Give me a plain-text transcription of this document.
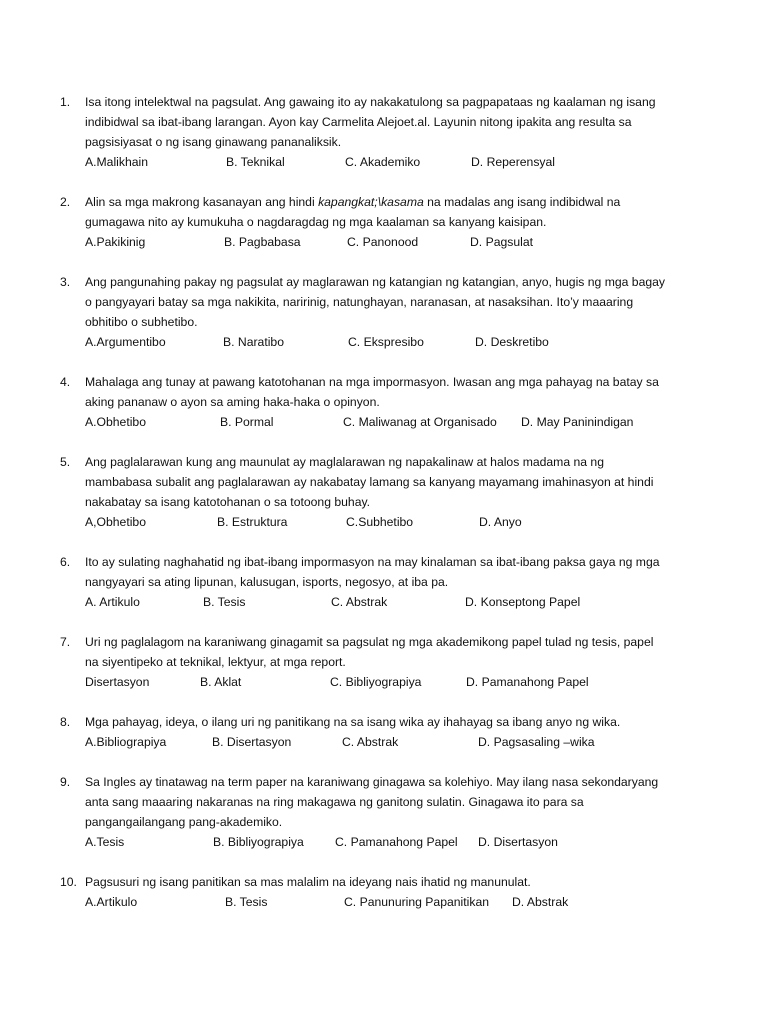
1.	Isa itong intelektwal na pagsulat. Ang gawaing ito ay nakakatulong sa pagpapataas ng kaalaman ng isang
indibidwal sa ibat-ibang larangan. Ayon kay Carmelita Alejoet.al. Layunin nitong ipakita ang resulta sa
pagsisiyasat o ng isang ginawang pananaliksik.
A.Malikhain	B. Teknikal	C. Akademiko	D. Reperensyal
2.	Alin sa mga makrong kasanayan ang hindi kapangkat;\kasama na madalas ang isang indibidwal na
gumagawa nito ay kumukuha o nagdaragdag ng mga kaalaman sa kanyang kaisipan.
A.Pakikinig	B. Pagbabasa	C. Panonood	D. Pagsulat
3.	Ang pangunahing pakay ng pagsulat ay maglarawan ng katangian ng katangian, anyo, hugis ng mga bagay
o pangyayari batay sa mga nakikita, naririnig, natunghayan, naranasan, at nasaksihan. Ito’y maaaring
obhitibo o subhetibo.
A.Argumentibo	B. Naratibo	C. Ekspresibo	D. Deskretibo
4.	Mahalaga ang tunay at pawang katotohanan na mga impormasyon. Iwasan ang mga pahayag na batay sa
aking pananaw o ayon sa aming haka-haka o opinyon.
A.Obhetibo	B. Pormal	C. Maliwanag at Organisado D. May Paninindigan
5.	Ang paglalarawan kung ang maunulat ay maglalarawan ng napakalinaw at halos madama na ng
mambabasa subalit ang paglalarawan ay nakabatay lamang sa kanyang mayamang imahinasyon at hindi
nakabatay sa isang katotohanan o sa totoong buhay.
A,Obhetibo	B. Estruktura	C.Subhetibo	D. Anyo
6.	Ito ay sulating naghahatid ng ibat-ibang impormasyon na may kinalaman sa ibat-ibang paksa gaya ng mga
nangyayari sa ating lipunan, kalusugan, isports, negosyo, at iba pa.
A. Artikulo	B. Tesis	C. Abstrak	D. Konseptong Papel
7.	Uri ng paglalagom na karaniwang ginagamit sa pagsulat ng mga akademikong papel tulad ng tesis, papel
na siyentipeko at teknikal, lektyur, at mga report.
Disertasyon	B. Aklat	C. Bibliyograpiya	D. Pamanahong Papel
8.	Mga pahayag, ideya, o ilang uri ng panitikang na sa isang wika ay ihahayag sa ibang anyo ng wika.
A.Bibliograpiya	B. Disertasyon	C. Abstrak	D. Pagsasaling –wika
9.	Sa Ingles ay tinatawag na term paper na karaniwang ginagawa sa kolehiyo. May ilang nasa sekondaryang
anta sang maaaring nakaranas na ring makagawa ng ganitong sulatin. Ginagawa ito para sa
pangangailangang pang-akademiko.
A.Tesis	B. Bibliyograpiya	C. Pamanahong Papel D. Disertasyon
10. Pagsusuri ng isang panitikan sa mas malalim na ideyang nais ihatid ng manunulat.
A.Artikulo	B. Tesis	C. Panunuring Papanitikan D. Abstrak
